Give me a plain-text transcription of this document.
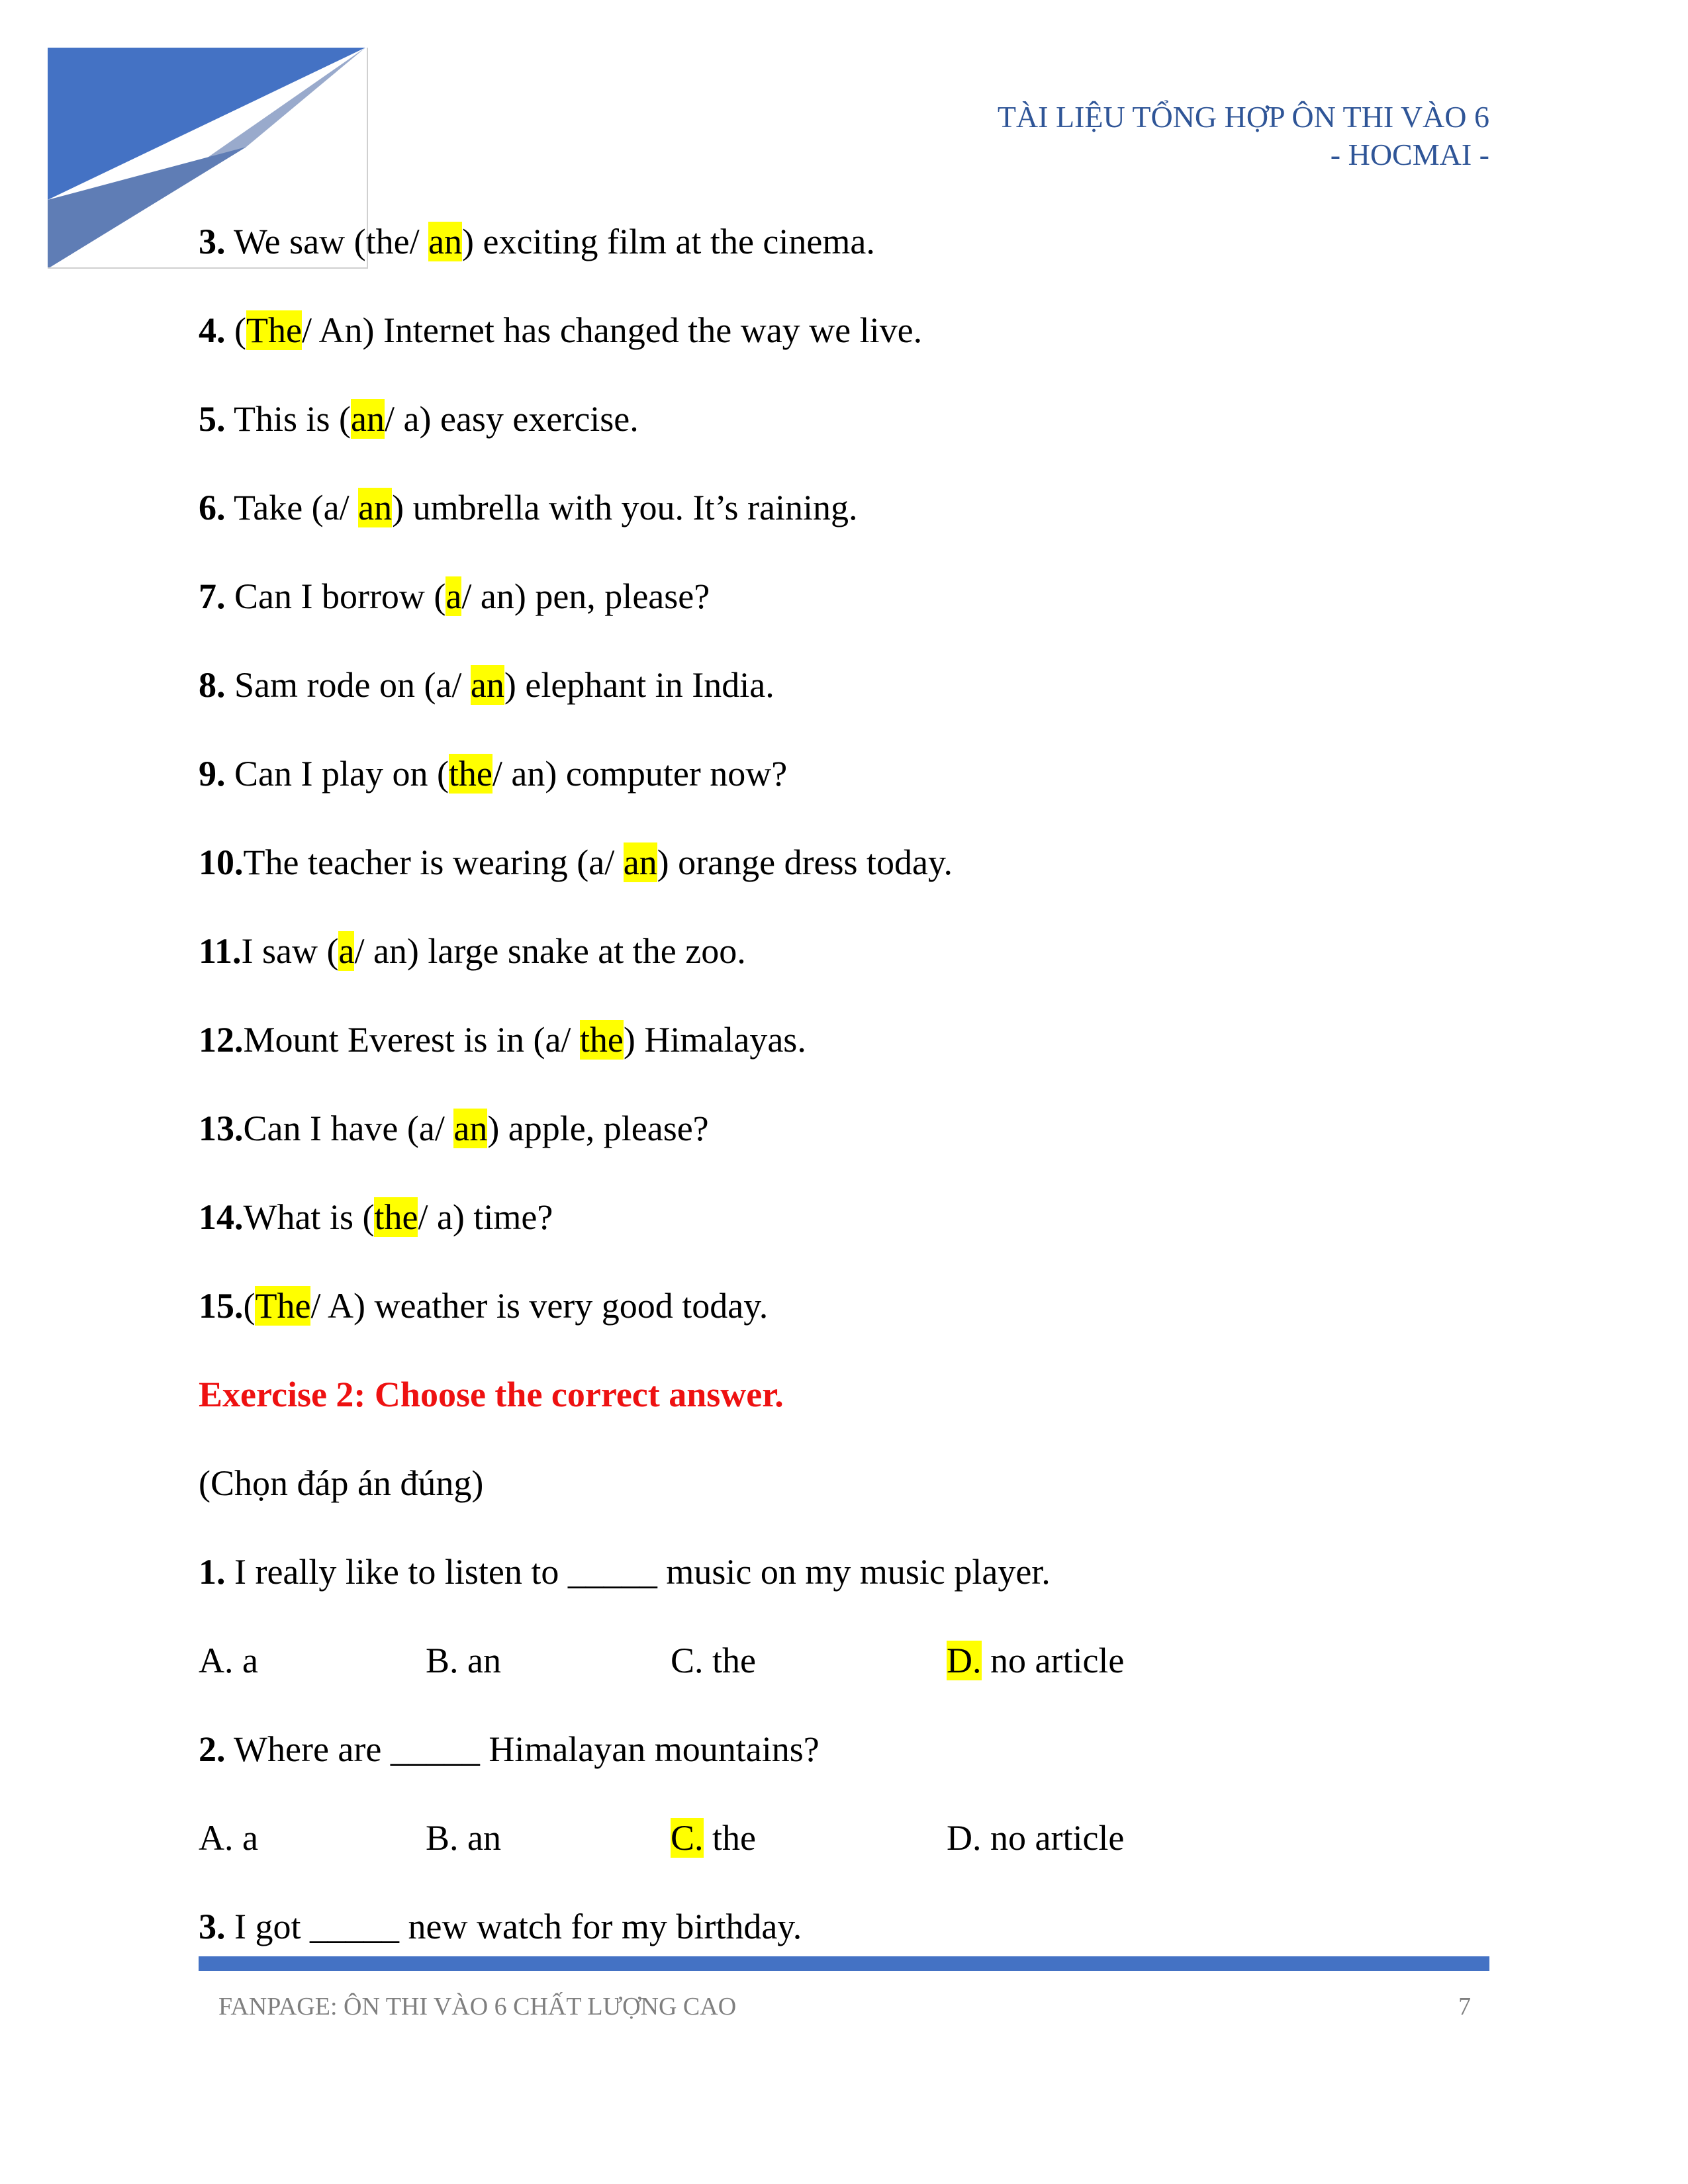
TÀI LIỆU TỔNG HỢP ÔN THI VÀO 6
- HOCMAI -
3. We saw (the/ an) exciting film at the cinema.
4. (The/ An) Internet has changed the way we live.
5. This is (an/ a) easy exercise.
6. Take (a/ an) umbrella with you. It’s raining.
7. Can I borrow (a/ an) pen, please?
8. Sam rode on (a/ an) elephant in India.
9. Can I play on (the/ an) computer now?
10.The teacher is wearing (a/ an) orange dress today.
11.I saw (a/ an) large snake at the zoo.
12.Mount Everest is in (a/ the) Himalayas.
13.Can I have (a/ an) apple, please?
14.What is (the/ a) time?
15.(The/ A) weather is very good today.
Exercise 2: Choose the correct answer.
(Chọn đáp án đúng)
1. I really like to listen to _____ music on my music player.
A. a	B. an	C. the	D. no article
2. Where are _____ Himalayan mountains?
A. a	B. an	C. the	D. no article
3. I got _____ new watch for my birthday.
FANPAGE: ÔN THI VÀO 6 CHẤT LƯỢNG CAO	7
